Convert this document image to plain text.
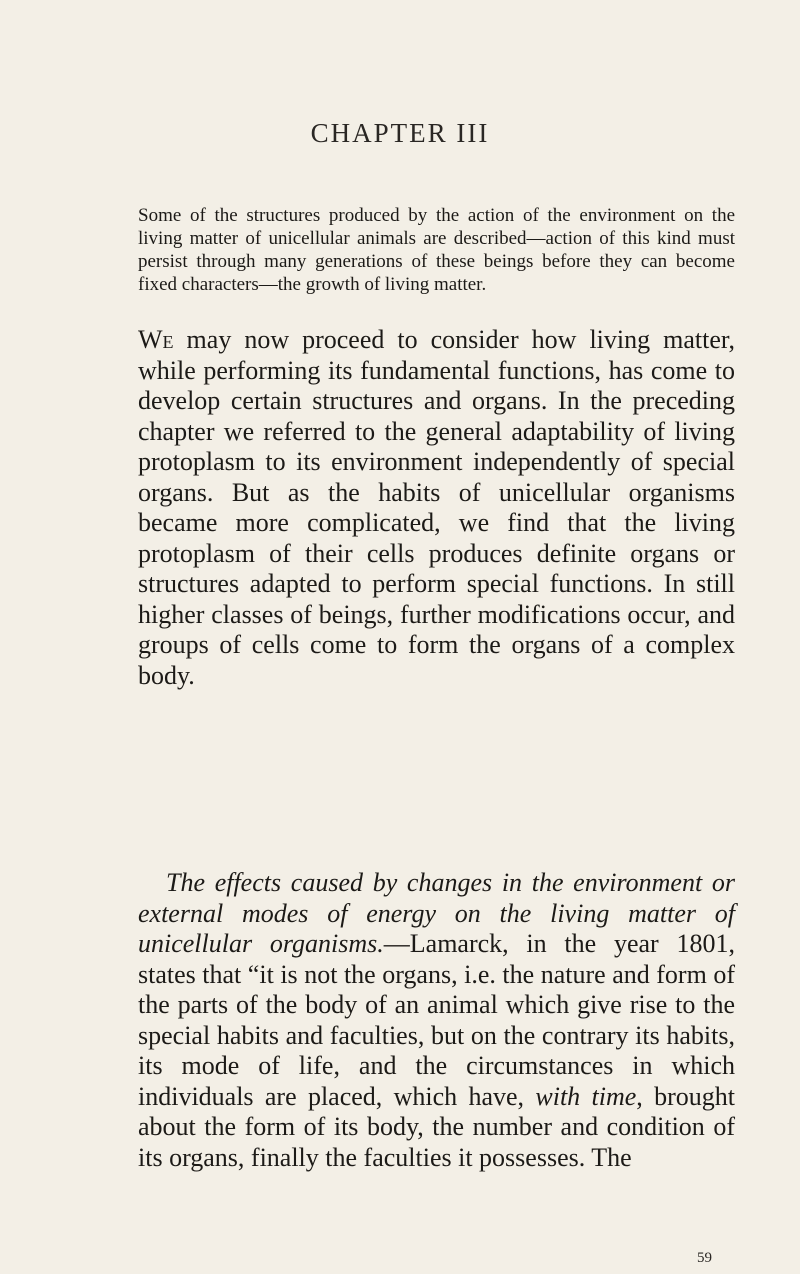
CHAPTER III

Some of the structures produced by the action of the environment on the living matter of unicellular animals are described—action of this kind must persist through many generations of these beings before they can become fixed characters—the growth of living matter.

We may now proceed to consider how living matter, while performing its fundamental functions, has come to develop certain structures and organs. In the preceding chapter we referred to the general adaptability of living protoplasm to its environment independently of special organs. But as the habits of unicellular organisms became more complicated, we find that the living protoplasm of their cells produces definite organs or structures adapted to perform special functions. In still higher classes of beings, further modifications occur, and groups of cells come to form the organs of a complex body.

The effects caused by changes in the environment or external modes of energy on the living matter of unicellular organisms.—Lamarck, in the year 1801, states that “it is not the organs, i.e. the nature and form of the parts of the body of an animal which give rise to the special habits and faculties, but on the contrary its habits, its mode of life, and the circumstances in which individuals are placed, which have, with time, brought about the form of its body, the number and condition of its organs, finally the faculties it possesses. The

59
